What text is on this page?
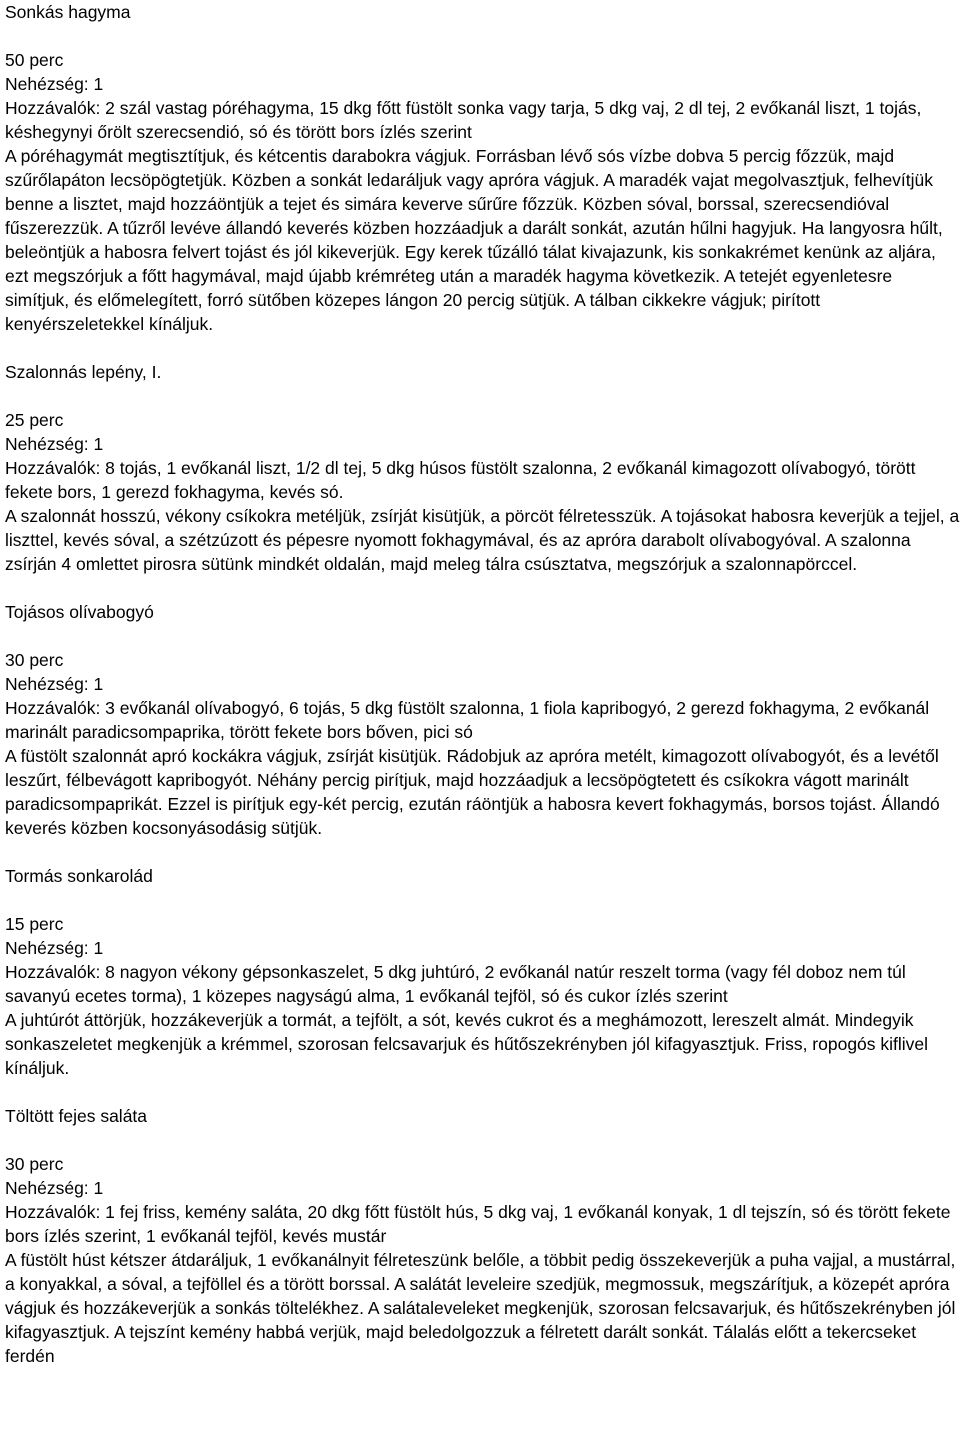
Sonkás hagyma

50 perc

Nehézség: 1

Hozzávalók: 2 szál vastag póréhagyma, 15 dkg főtt füstölt sonka vagy tarja, 5 dkg vaj, 2 dl tej, 2 evőkanál liszt, 1 tojás, késhegynyi őrölt szerecsendió, só és törött bors ízlés szerint

A póréhagymát megtisztítjuk, és kétcentis darabokra vágjuk. Forrásban lévő sós vízbe dobva 5 percig főzzük, majd szűrőlapáton lecsöpögtetjük. Közben a sonkát ledaráljuk vagy apróra vágjuk. A maradék vajat megolvasztjuk, felhevítjük benne a lisztet, majd hozzáöntjük a tejet és simára keverve sűrűre főzzük. Közben sóval, borssal, szerecsendióval fűszerezzük. A tűzről levéve állandó keverés közben hozzáadjuk a darált sonkát, azután hűlni hagyjuk. Ha langyosra hűlt, beleöntjük a habosra felvert tojást és jól kikeverjük. Egy kerek tűzálló tálat kivajazunk, kis sonkakrémet kenünk az aljára, ezt megszórjuk a főtt hagymával, majd újabb krémréteg után a maradék hagyma következik. A tetejét egyenletesre simítjuk, és előmelegített, forró sütőben közepes lángon 20 percig sütjük. A tálban cikkekre vágjuk; pirított kenyérszeletekkel kínáljuk.

Szalonnás lepény, I.

25 perc

Nehézség: 1

Hozzávalók: 8 tojás, 1 evőkanál liszt, 1/2 dl tej, 5 dkg húsos füstölt szalonna, 2 evőkanál kimagozott olívabogyó, törött fekete bors, 1 gerezd fokhagyma, kevés só.

A szalonnát hosszú, vékony csíkokra metéljük, zsírját kisütjük, a pörcöt félretesszük. A tojásokat habosra keverjük a tejjel, a liszttel, kevés sóval, a szétzúzott és pépesre nyomott fokhagymával, és az apróra darabolt olívabogyóval. A szalonna zsírján 4 omlettet pirosra sütünk mindkét oldalán, majd meleg tálra csúsztatva, megszórjuk a szalonnapörccel.

Tojásos olívabogyó

30 perc

Nehézség: 1

Hozzávalók: 3 evőkanál olívabogyó, 6 tojás, 5 dkg füstölt szalonna, 1 fiola kapribogyó, 2 gerezd fokhagyma, 2 evőkanál marinált paradicsompaprika, törött fekete bors bőven, pici só

A füstölt szalonnát apró kockákra vágjuk, zsírját kisütjük. Rádobjuk az apróra metélt, kimagozott olívabogyót, és a levétől leszűrt, félbevágott kapribogyót. Néhány percig pirítjuk, majd hozzáadjuk a lecsöpögtetett és csíkokra vágott marinált paradicsompaprikát. Ezzel is pirítjuk egy-két percig, ezután ráöntjük a habosra kevert fokhagymás, borsos tojást. Állandó keverés közben kocsonyásodásig sütjük.

Tormás sonkarolád

15 perc

Nehézség: 1

Hozzávalók: 8 nagyon vékony gépsonkaszelet, 5 dkg juhtúró, 2 evőkanál natúr reszelt torma (vagy fél doboz nem túl savanyú ecetes torma), 1 közepes nagyságú alma, 1 evőkanál tejföl, só és cukor ízlés szerint

A juhtúrót áttörjük, hozzákeverjük a tormát, a tejfölt, a sót, kevés cukrot és a meghámozott, lereszelt almát. Mindegyik sonkaszeletet megkenjük a krémmel, szorosan felcsavarjuk és hűtőszekrényben jól kifagyasztjuk. Friss, ropogós kiflivel kínáljuk.

Töltött fejes saláta

30 perc

Nehézség: 1

Hozzávalók: 1 fej friss, kemény saláta, 20 dkg főtt füstölt hús, 5 dkg vaj, 1 evőkanál konyak, 1 dl tejszín, só és törött fekete bors ízlés szerint, 1 evőkanál tejföl, kevés mustár

A füstölt húst kétszer átdaráljuk, 1 evőkanálnyit félreteszünk belőle, a többit pedig összekeverjük a puha vajjal, a mustárral, a konyakkal, a sóval, a tejföllel és a törött borssal. A salátát leveleire szedjük, megmossuk, megszárítjuk, a közepét apróra vágjuk és hozzákeverjük a sonkás töltelékhez. A salátaleveleket megkenjük, szorosan felcsavarjuk, és hűtőszekrényben jól kifagyasztjuk. A tejszínt kemény habbá verjük, majd beledolgozzuk a félretett darált sonkát. Tálalás előtt a tekercseket ferdén
